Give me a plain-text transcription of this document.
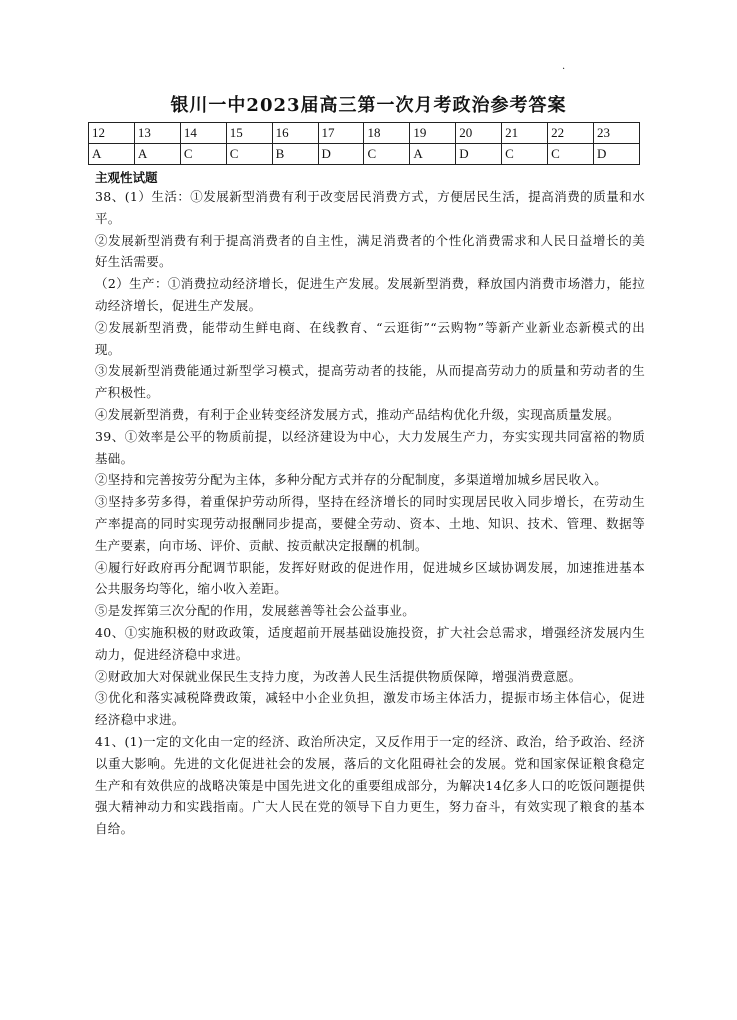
.
银川一中2023届高三第一次月考政治参考答案
12	13	14	15	16	17	18	19	20	21	22	23
A	A	C	C	B	D	C	A	D	C	C	D

主观性试题

38、(1）生活：①发展新型消费有利于改变居民消费方式，方便居民生活，提高消费的质量和水平。

②发展新型消费有利于提高消费者的自主性，满足消费者的个性化消费需求和人民日益增长的美好生活需要。

（2）生产：①消费拉动经济增长，促进生产发展。发展新型消费，释放国内消费市场潜力，能拉动经济增长，促进生产发展。

②发展新型消费，能带动生鲜电商、在线教育、“云逛街”“云购物”等新产业新业态新模式的出现。

③发展新型消费能通过新型学习模式，提高劳动者的技能，从而提高劳动力的质量和劳动者的生产积极性。

④发展新型消费，有利于企业转变经济发展方式，推动产品结构优化升级，实现高质量发展。

39、①效率是公平的物质前提，以经济建设为中心，大力发展生产力，夯实实现共同富裕的物质基础。

②坚持和完善按劳分配为主体，多种分配方式并存的分配制度，多渠道增加城乡居民收入。

③坚持多劳多得，着重保护劳动所得，坚持在经济增长的同时实现居民收入同步增长，在劳动生产率提高的同时实现劳动报酬同步提高，要健全劳动、资本、土地、知识、技术、管理、数据等生产要素，向市场、评价、贡献、按贡献决定报酬的机制。

④履行好政府再分配调节职能，发挥好财政的促进作用，促进城乡区域协调发展，加速推进基本公共服务均等化，缩小收入差距。

⑤是发挥第三次分配的作用，发展慈善等社会公益事业。

40、①实施积极的财政政策，适度超前开展基础设施投资，扩大社会总需求，增强经济发展内生动力，促进经济稳中求进。

②财政加大对保就业保民生支持力度，为改善人民生活提供物质保障，增强消费意愿。

③优化和落实减税降费政策，减轻中小企业负担，激发市场主体活力，提振市场主体信心，促进经济稳中求进。

41、(1)一定的文化由一定的经济、政治所决定，又反作用于一定的经济、政治，给予政治、经济以重大影响。先进的文化促进社会的发展，落后的文化阻碍社会的发展。党和国家保证粮食稳定生产和有效供应的战略决策是中国先进文化的重要组成部分，为解决14亿多人口的吃饭问题提供强大精神动力和实践指南。广大人民在党的领导下自力更生，努力奋斗，有效实现了粮食的基本自给。
